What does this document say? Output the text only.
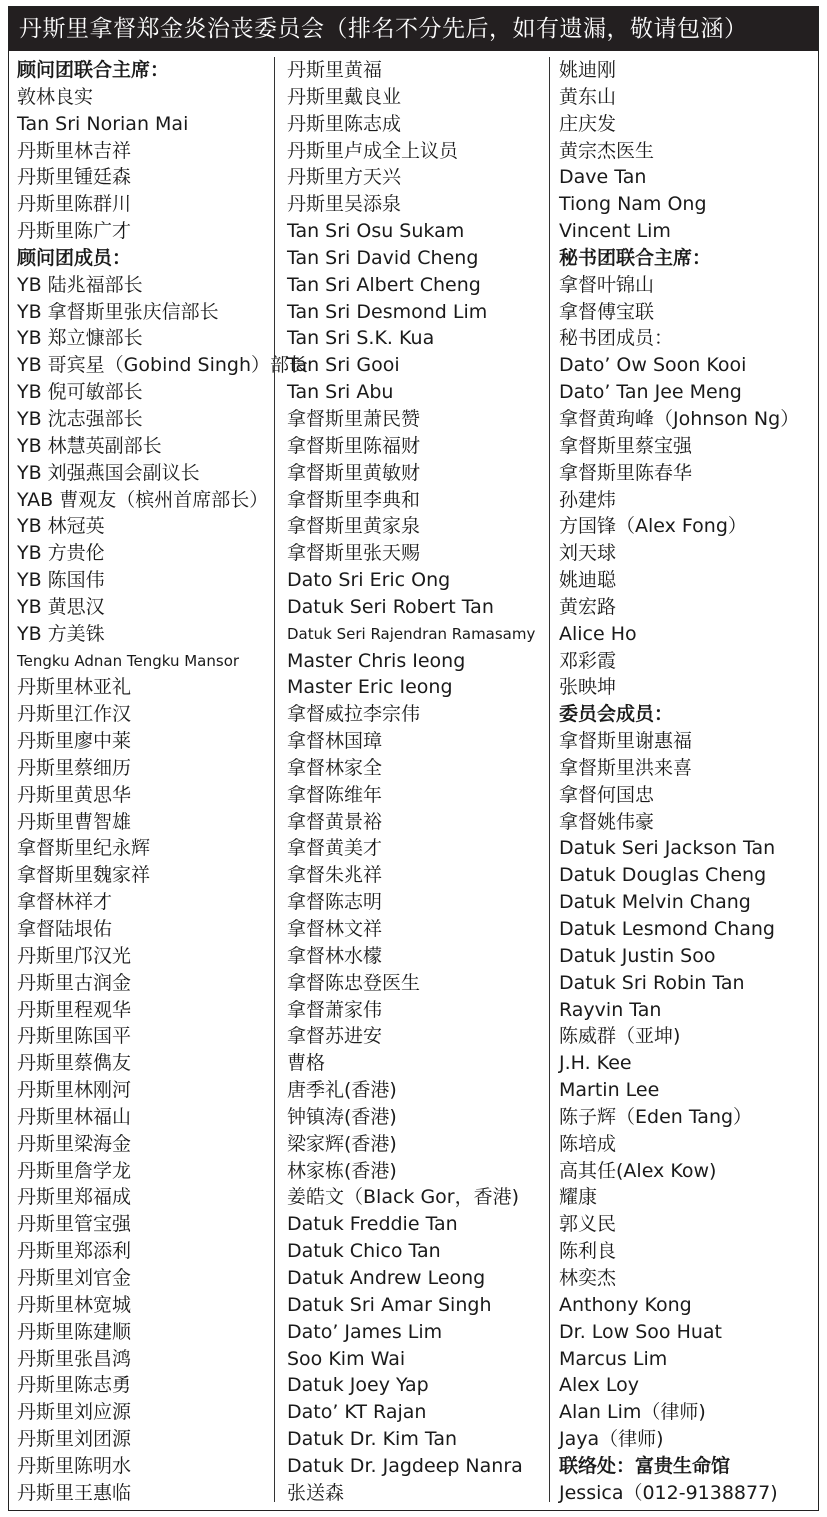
丹斯里拿督郑金炎治丧委员会（排名不分先后，如有遗漏，敬请包涵）
顾问团联合主席：
敦林良实
Tan Sri Norian Mai
丹斯里林吉祥
丹斯里锺廷森
丹斯里陈群川
丹斯里陈广才
顾问团成员：
YB 陆兆福部长
YB 拿督斯里张庆信部长
YB 郑立慷部长
YB 哥宾星（Gobind Singh）部长
YB 倪可敏部长
YB 沈志强部长
YB 林慧英副部长
YB 刘强燕国会副议长
YAB 曹观友（槟州首席部长）
YB 林冠英
YB 方贵伦
YB 陈国伟
YB 黄思汉
YB 方美铢
Tengku Adnan Tengku Mansor
丹斯里林亚礼
丹斯里江作汉
丹斯里廖中莱
丹斯里蔡细历
丹斯里黄思华
丹斯里曹智雄
拿督斯里纪永辉
拿督斯里魏家祥
拿督林祥才
拿督陆垠佑
丹斯里邝汉光
丹斯里古润金
丹斯里程观华
丹斯里陈国平
丹斯里蔡儁友
丹斯里林刚河
丹斯里林福山
丹斯里梁海金
丹斯里詹学龙
丹斯里郑福成
丹斯里管宝强
丹斯里郑添利
丹斯里刘官金
丹斯里林宽城
丹斯里陈建顺
丹斯里张昌鸿
丹斯里陈志勇
丹斯里刘应源
丹斯里刘团源
丹斯里陈明水
丹斯里王惠临
丹斯里黄福
丹斯里戴良业
丹斯里陈志成
丹斯里卢成全上议员
丹斯里方天兴
丹斯里吴添泉
Tan Sri Osu Sukam
Tan Sri David Cheng
Tan Sri Albert Cheng
Tan Sri Desmond Lim
Tan Sri S.K. Kua
Tan Sri Gooi
Tan Sri Abu
拿督斯里萧民赞
拿督斯里陈福财
拿督斯里黄敏财
拿督斯里李典和
拿督斯里黄家泉
拿督斯里张天赐
Dato Sri Eric Ong
Datuk Seri Robert Tan
Datuk Seri Rajendran Ramasamy
Master Chris Ieong
Master Eric Ieong
拿督威拉李宗伟
拿督林国璋
拿督林家全
拿督陈维年
拿督黄景裕
拿督黄美才
拿督朱兆祥
拿督陈志明
拿督林文祥
拿督林水檬
拿督陈忠登医生
拿督萧家伟
拿督苏进安
曹格
唐季礼(香港)
钟镇涛(香港)
梁家辉(香港)
林家栋(香港)
姜皓文（Black Gor，香港)
Datuk Freddie Tan
Datuk Chico Tan
Datuk Andrew Leong
Datuk Sri Amar Singh
Dato’ James Lim
Soo Kim Wai
Datuk Joey Yap
Dato’ KT Rajan
Datuk Dr. Kim Tan
Datuk Dr. Jagdeep Nanra
张送森
姚迪刚
黄东山
庄庆发
黄宗杰医生
Dave Tan
Tiong Nam Ong
Vincent Lim
秘书团联合主席：
拿督叶锦山
拿督傅宝联
秘书团成员：
Dato’ Ow Soon Kooi
Dato’ Tan Jee Meng
拿督黄珣峰（Johnson Ng）
拿督斯里蔡宝强
拿督斯里陈春华
孙建炜
方国锋（Alex Fong）
刘天球
姚迪聪
黄宏路
Alice Ho
邓彩霞
张映坤
委员会成员：
拿督斯里谢惠福
拿督斯里洪来喜
拿督何国忠
拿督姚伟豪
Datuk Seri Jackson Tan
Datuk Douglas Cheng
Datuk Melvin Chang
Datuk Lesmond Chang
Datuk Justin Soo
Datuk Sri Robin Tan
Rayvin Tan
陈威群（亚坤)
J.H. Kee
Martin Lee
陈子辉（Eden Tang）
陈培成
高其任(Alex Kow)
耀康
郭义民
陈利良
林奕杰
Anthony Kong
Dr. Low Soo Huat
Marcus Lim
Alex Loy
Alan Lim（律师)
Jaya（律师)
联络处：富贵生命馆
Jessica（012-9138877)
